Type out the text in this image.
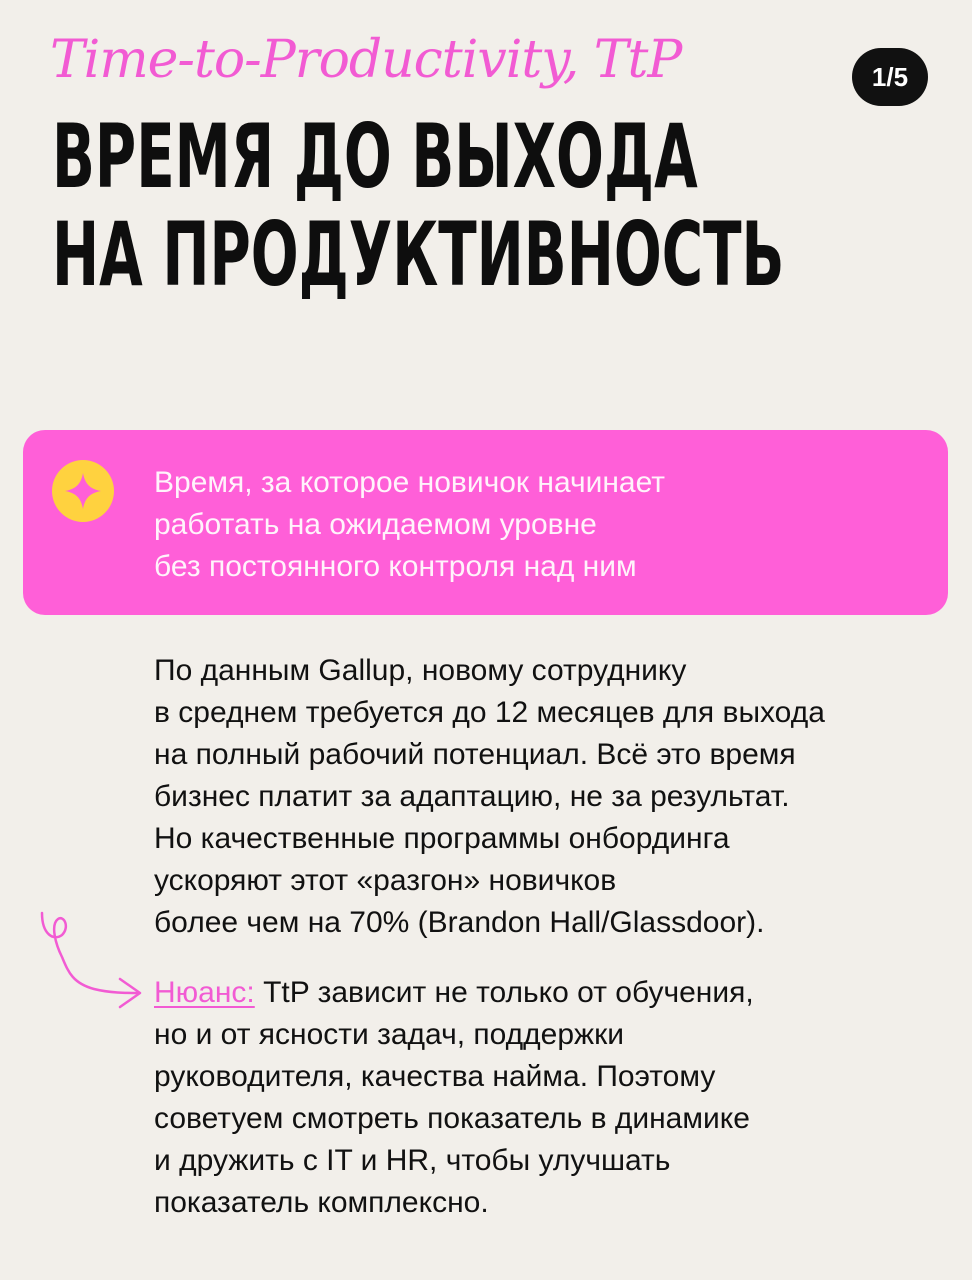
Time-to-Productivity, TtP	1/5
ВРЕМЯ ДО ВЫХОДА
НА ПРОДУКТИВНОСТЬ
Время, за которое новичок начинает
работать на ожидаемом уровне
без постоянного контроля над ним
По данным Gallup, новому сотруднику
в среднем требуется до 12 месяцев для выхода
на полный рабочий потенциал. Всё это время
бизнес платит за адаптацию, не за результат.
Но качественные программы онбординга
ускоряют этот «разгон» новичков
более чем на 70% (Brandon Hall/Glassdoor).
Нюанс: TtP зависит не только от обучения,
но и от ясности задач, поддержки
руководителя, качества найма. Поэтому
советуем смотреть показатель в динамике
и дружить с IT и HR, чтобы улучшать
показатель комплексно.
